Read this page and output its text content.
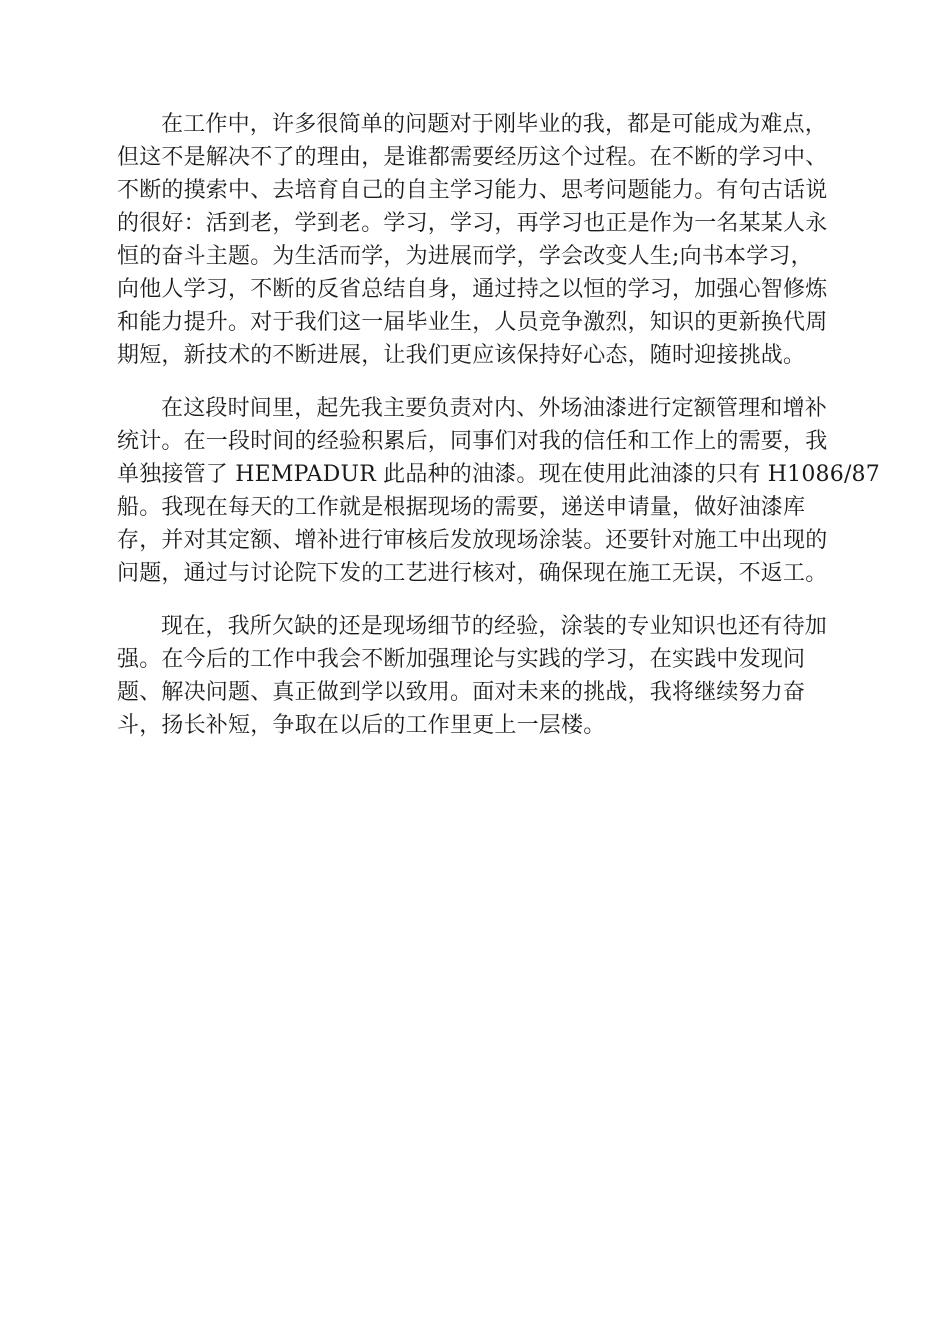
在工作中，许多很简单的问题对于刚毕业的我，都是可能成为难点，
但这不是解决不了的理由，是谁都需要经历这个过程。在不断的学习中、
不断的摸索中、去培育自己的自主学习能力、思考问题能力。有句古话说
的很好：活到老，学到老。学习，学习，再学习也正是作为一名某某人永
恒的奋斗主题。为生活而学，为进展而学，学会改变人生;向书本学习，
向他人学习，不断的反省总结自身，通过持之以恒的学习，加强心智修炼
和能力提升。对于我们这一届毕业生，人员竞争激烈，知识的更新换代周
期短，新技术的不断进展，让我们更应该保持好心态，随时迎接挑战。

在这段时间里，起先我主要负责对内、外场油漆进行定额管理和增补
统计。在一段时间的经验积累后，同事们对我的信任和工作上的需要，我
单独接管了 HEMPADUR 此品种的油漆。现在使用此油漆的只有 H1086/87
船。我现在每天的工作就是根据现场的需要，递送申请量，做好油漆库
存，并对其定额、增补进行审核后发放现场涂装。还要针对施工中出现的
问题，通过与讨论院下发的工艺进行核对，确保现在施工无误，不返工。

现在，我所欠缺的还是现场细节的经验，涂装的专业知识也还有待加
强。在今后的工作中我会不断加强理论与实践的学习，在实践中发现问
题、解决问题、真正做到学以致用。面对未来的挑战，我将继续努力奋
斗，扬长补短，争取在以后的工作里更上一层楼。
